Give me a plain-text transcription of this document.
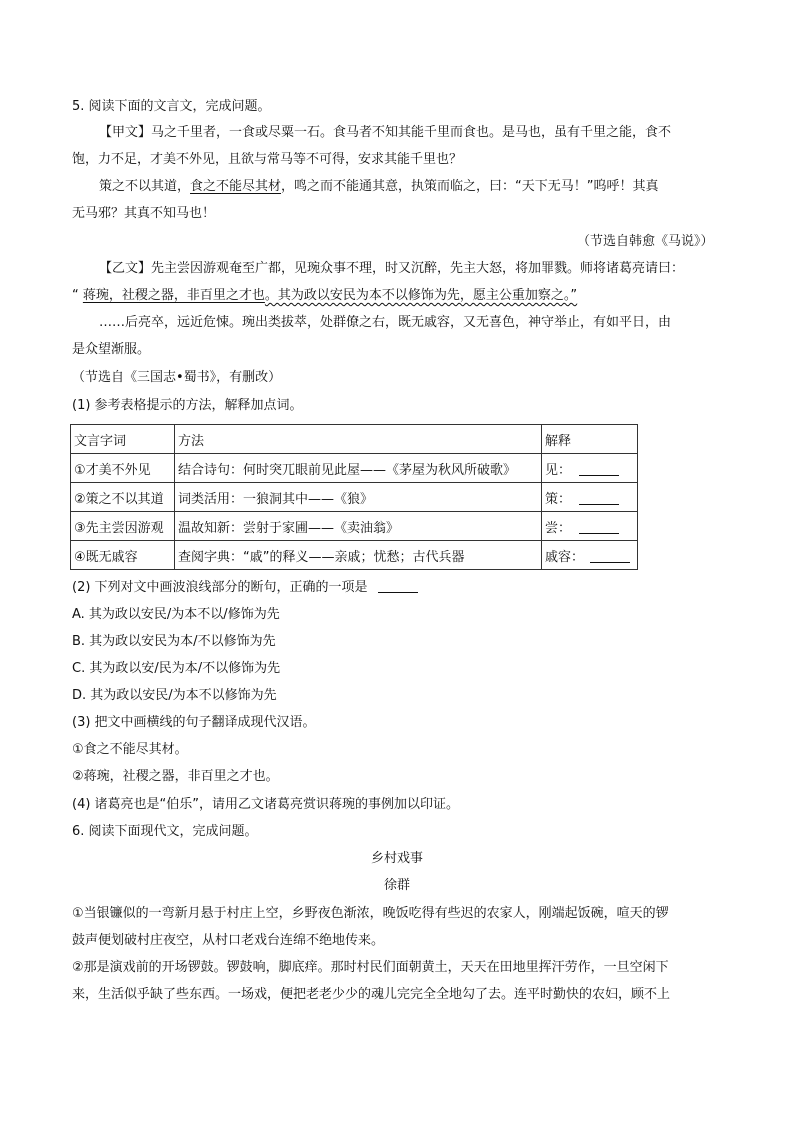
5. 阅读下面的文言文，完成问题。
【甲文】马之千里者，一食或尽粟一石。食马者不知其能千里而食也。是马也，虽有千里之能，食不
饱，力不足，才美不外见，且欲与常马等不可得，安求其能千里也？
策之不以其道，食之不能尽其材，鸣之而不能通其意，执策而临之，曰：“天下无马！”呜呼！其真
无马邪？其真不知马也！
（节选自韩愈《马说》）
【乙文】先主尝因游观奄至广都，见琬众事不理，时又沉醉，先主大怒，将加罪戮。师将诸葛亮请曰：
“ 蒋琬，社稷之器，非百里之才也。其为政以安民为本不以修饰为先，愿主公重加察之。”
……后亮卒，远近危悚。琬出类拔萃，处群僚之右，既无戚容，又无喜色，神守举止，有如平日，由
是众望渐服。
（节选自《三国志•蜀书》，有删改）
(1) 参考表格提示的方法，解释加点词。
文言字词	方法	解释
①才美不外见	结合诗句：何时突兀眼前见此屋——《茅屋为秋风所破歌》	见：
②策之不以其道	词类活用：一狼洞其中——《狼》	策：
③先主尝因游观	温故知新：尝射于家圃——《卖油翁》	尝：
④既无戚容	查阅字典：“戚”的释义——亲戚；忧愁；古代兵器	戚容：
(2) 下列对文中画波浪线部分的断句，正确的一项是
A. 其为政以安民/为本不以/修饰为先
B. 其为政以安民为本/不以修饰为先
C. 其为政以安/民为本/不以修饰为先
D. 其为政以安民/为本不以修饰为先
(3) 把文中画横线的句子翻译成现代汉语。
①食之不能尽其材。
②蒋琬，社稷之器，非百里之才也。
(4) 诸葛亮也是“伯乐”，请用乙文诸葛亮赏识蒋琬的事例加以印证。
6. 阅读下面现代文，完成问题。
乡村戏事
徐群
①当银镰似的一弯新月悬于村庄上空，乡野夜色渐浓，晚饭吃得有些迟的农家人，刚端起饭碗，喧天的锣
鼓声便划破村庄夜空，从村口老戏台连绵不绝地传来。
②那是演戏前的开场锣鼓。锣鼓响，脚底痒。那时村民们面朝黄土，天天在田地里挥汗劳作，一旦空闲下
来，生活似乎缺了些东西。一场戏，便把老老少少的魂儿完完全全地勾了去。连平时勤快的农妇，顾不上
